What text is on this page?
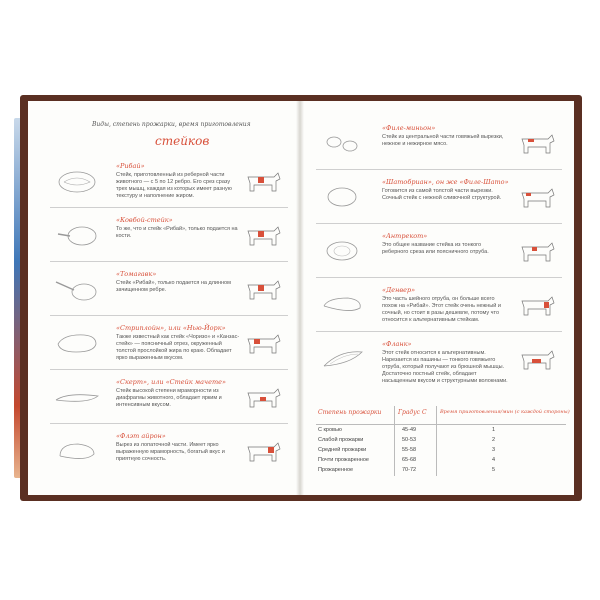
Виды, степень прожарки, время приготовления
стейков
«Рибай»
Стейк, приготовленный из реберной части животного — с 5 по 12 ребро. Его срез сразу трех мышц, каждая из которых имеет разную текстуру и наполнение жиром.
«Ковбой-стейк»
То же, что и стейк «Рибай», только подается на кости.
«Томагавк»
Стейк «Рибай», только подается на длинном зачищенном ребре.
«Стриплойн», или «Нью-Йорк»
Также известный как стейк «Чоризо» и «Канзас-стейк» — поясничный отрез, окруженный толстой прослойкой жира по краю. Обладает ярко выраженным вкусом.
«Скерт», или «Стейк мачете»
Стейк высокой степени мраморности из диафрагмы животного, обладает ярким и интенсивным вкусом.
«Флэт айрон»
Вырез из лопаточной части. Имеет ярко выраженную мраморность, богатый вкус и приятную сочность.
«Филе-миньон»
Стейк из центральной части говяжьей вырезки, нежное и нежирное мясо.
«Шатобриан», он же «Филе-Шато»
Готовится из самой толстой части вырезки. Сочный стейк с нежной сливочной структурой.
«Антрекот»
Это общее название стейка из тонкого реберного среза или поясничного отруба.
«Денвер»
Это часть шейного отруба, он больше всего похож на «Рибай». Этот стейк очень нежный и сочный, но стоит в разы дешевле, потому что относится к альтернативным стейкам.
«Фланк»
Этот стейк относится к альтернативным. Нарезается из пашины — тонкого говяжьего отруба, который получают из брюшной мышцы. Достаточно постный стейк, обладает насыщенным вкусом и структурными волокнами.
Степень прожарки	Градус С	Время приготовления/мин (с каждой стороны)
С кровью	45-49	1
Слабой прожарки	50-53	2
Средней прожарки	55-58	3
Почти прожаренное	65-68	4
Прожаренное	70-72	5
